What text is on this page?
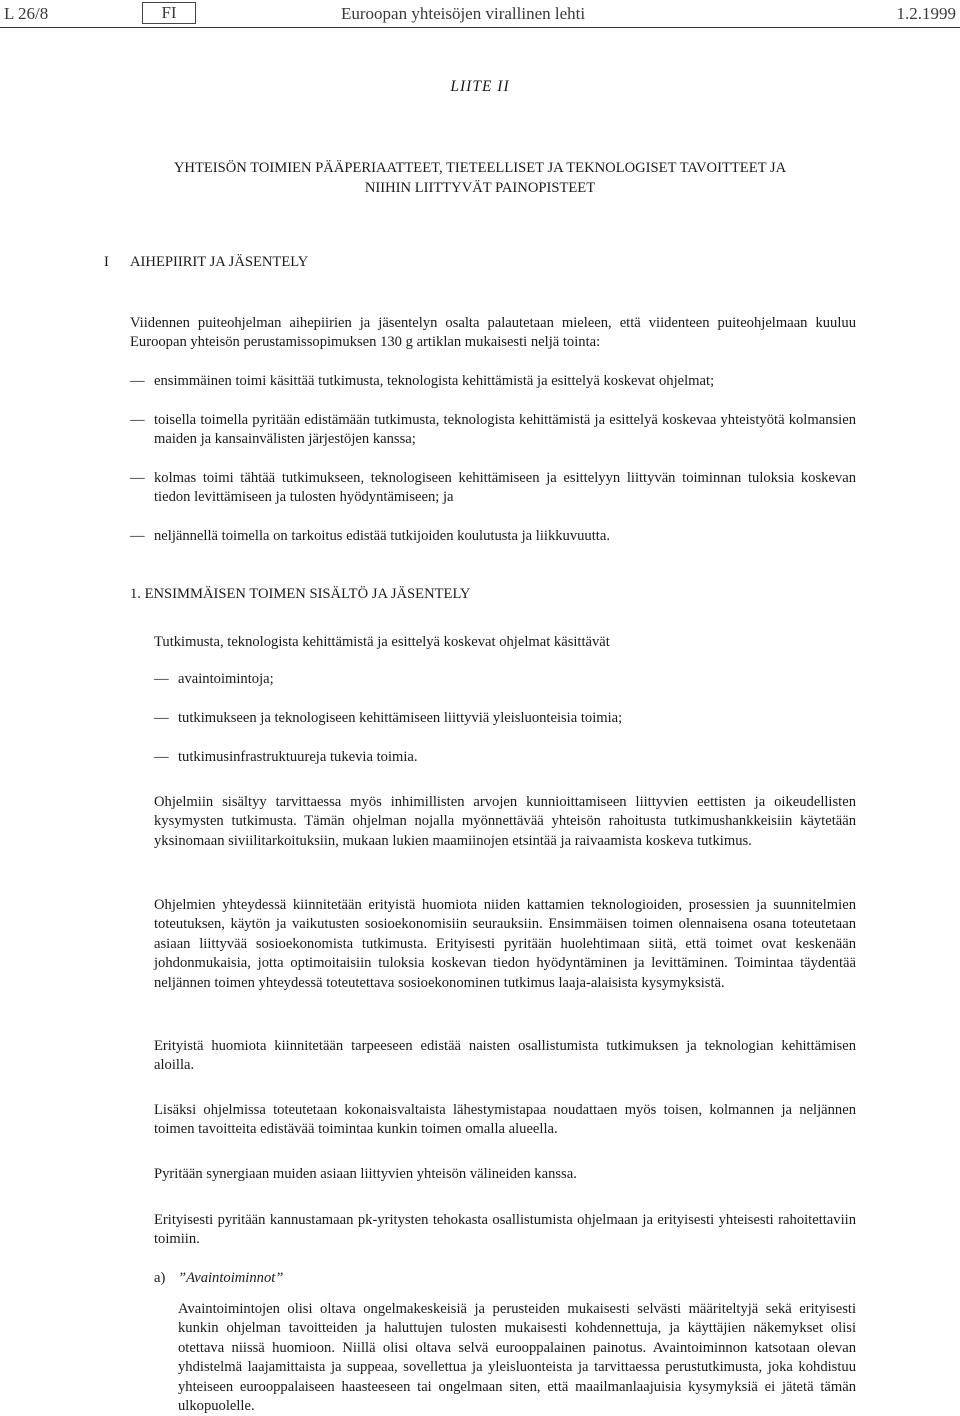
L 26/8	FI	Euroopan yhteisöjen virallinen lehti	1.2.1999
LIITE II
YHTEISÖN TOIMIEN PÄÄPERIAATTEET, TIETEELLISET JA TEKNOLOGISET TAVOITTEET JA
NIIHIN LIITTYVÄT PAINOPISTEET
I AIHEPIIRIT JA JÄSENTELY

Viidennen puiteohjelman aihepiirien ja jäsentelyn osalta palautetaan mieleen, että viidenteen puiteohjelmaan kuuluu Euroopan yhteisön perustamissopimuksen 130 g artiklan mukaisesti neljä tointa:

— ensimmäinen toimi käsittää tutkimusta, teknologista kehittämistä ja esittelyä koskevat ohjelmat;

— toisella toimella pyritään edistämään tutkimusta, teknologista kehittämistä ja esittelyä koskevaa yhteistyötä kolmansien maiden ja kansainvälisten järjestöjen kanssa;

— kolmas toimi tähtää tutkimukseen, teknologiseen kehittämiseen ja esittelyyn liittyvän toiminnan tuloksia koskevan tiedon levittämiseen ja tulosten hyödyntämiseen; ja

— neljännellä toimella on tarkoitus edistää tutkijoiden koulutusta ja liikkuvuutta.

1. ENSIMMÄISEN TOIMEN SISÄLTÖ JA JÄSENTELY

Tutkimusta, teknologista kehittämistä ja esittelyä koskevat ohjelmat käsittävät

— avaintoimintoja;

— tutkimukseen ja teknologiseen kehittämiseen liittyviä yleisluonteisia toimia;

— tutkimusinfrastruktuureja tukevia toimia.

Ohjelmiin sisältyy tarvittaessa myös inhimillisten arvojen kunnioittamiseen liittyvien eettisten ja oikeudellisten kysymysten tutkimusta. Tämän ohjelman nojalla myönnettävää yhteisön rahoitusta tutkimushankkeisiin käytetään yksinomaan siviilitarkoituksiin, mukaan lukien maamiinojen etsintää ja raivaamista koskeva tutkimus.

Ohjelmien yhteydessä kiinnitetään erityistä huomiota niiden kattamien teknologioiden, prosessien ja suunnitelmien toteutuksen, käytön ja vaikutusten sosioekonomisiin seurauksiin. Ensimmäisen toimen olennaisena osana toteutetaan asiaan liittyvää sosioekonomista tutkimusta. Erityisesti pyritään huolehtimaan siitä, että toimet ovat keskenään johdonmukaisia, jotta optimoitaisiin tuloksia koskevan tiedon hyödyntäminen ja levittäminen. Toimintaa täydentää neljännen toimen yhteydessä toteutettava sosioekonominen tutkimus laaja-alaisista kysymyksistä.

Erityistä huomiota kiinnitetään tarpeeseen edistää naisten osallistumista tutkimuksen ja teknologian kehittämisen aloilla.

Lisäksi ohjelmissa toteutetaan kokonaisvaltaista lähestymistapaa noudattaen myös toisen, kolmannen ja neljännen toimen tavoitteita edistävää toimintaa kunkin toimen omalla alueella.

Pyritään synergiaan muiden asiaan liittyvien yhteisön välineiden kanssa.

Erityisesti pyritään kannustamaan pk-yritysten tehokasta osallistumista ohjelmaan ja erityisesti yhteisesti rahoitettaviin toimiin.

a) ”Avaintoiminnot”

Avaintoimintojen olisi oltava ongelmakeskeisiä ja perusteiden mukaisesti selvästi määriteltyjä sekä erityisesti kunkin ohjelman tavoitteiden ja haluttujen tulosten mukaisesti kohdennettuja, ja käyttäjien näkemykset olisi otettava niissä huomioon. Niillä olisi oltava selvä eurooppalainen painotus. Avaintoiminnon katsotaan olevan yhdistelmä laajamittaista ja suppeaa, sovellettua ja yleisluonteista ja tarvittaessa perustutkimusta, joka kohdistuu yhteiseen eurooppalaiseen haasteeseen tai ongelmaan siten, että maailmanlaajuisia kysymyksiä ei jätetä tämän ulkopuolelle.
